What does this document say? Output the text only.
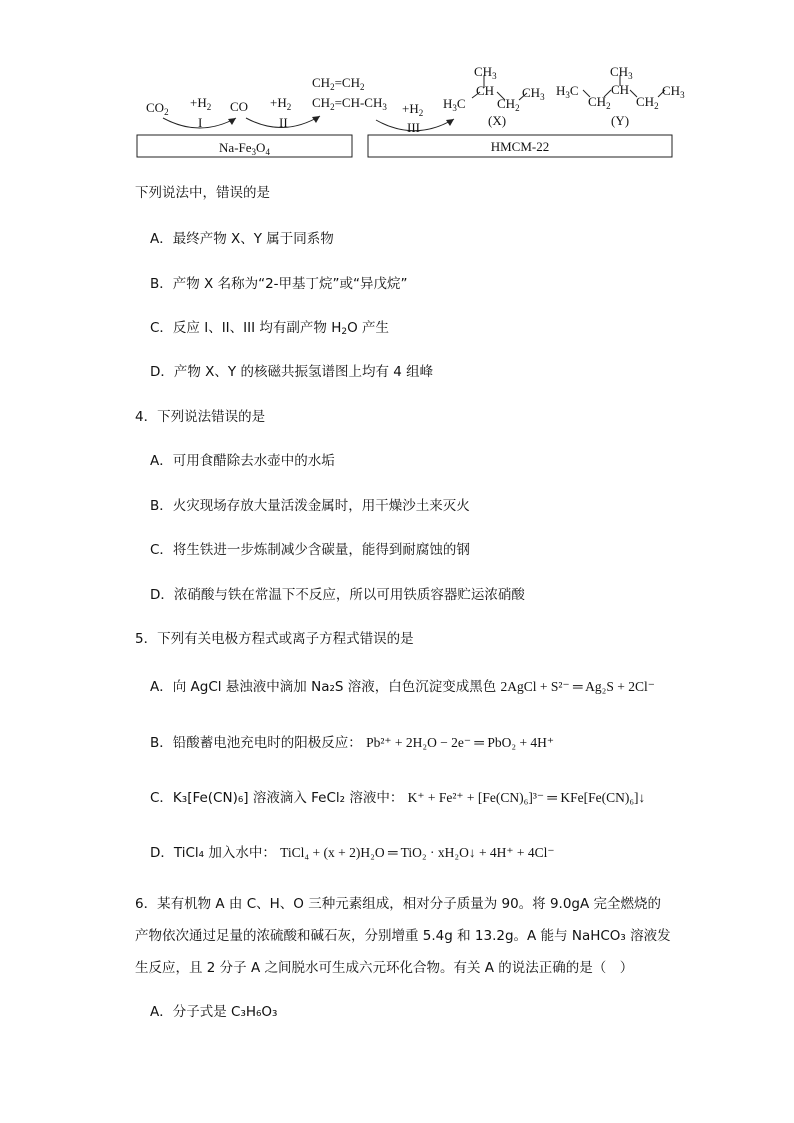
$CO_2$
$+H_2$
I
CO $+H_2$
II
$CH_2=CH_2$
$CH_2=CH-CH_3 +H_2$
III
$CH_3$
CH
$H_3C$ $CH_2$
$CH_3$
(X)
$CH_3$
$H_3C$
$CH_2$
CH
$CH_2$
$CH_3$
(Y)
$Na-Fe_3O_4$	HMCM-22
下列说法中，错误的是
A．最终产物 X、Y 属于同系物
B．产物 X 名称为“2-甲基丁烷”或“异戊烷”
C．反应 I、II、III 均有副产物 $H_2O$ 产生
D．产物 X、Y 的核磁共振氢谱图上均有 4 组峰
4．下列说法错误的是
A．可用食醋除去水壶中的水垢
B．火灾现场存放大量活泼金属时，用干燥沙土来灭火
C．将生铁进一步炼制减少含碳量，能得到耐腐蚀的钢
D．浓硝酸与铁在常温下不反应，所以可用铁质容器贮运浓硝酸
5．下列有关电极方程式或离子方程式错误的是
A．向 AgCl 悬浊液中滴加 Na₂S 溶液，白色沉淀变成黑色 2AgCl + S²⁻ ═ Ag₂S + 2Cl⁻
B．铅酸蓄电池充电时的阳极反应： Pb²⁺ + 2H₂O − 2e⁻ ═ PbO₂ + 4H⁺
C．K₃[Fe(CN)₆] 溶液滴入 FeCl₂ 溶液中： K⁺ + Fe²⁺ + [Fe(CN)₆]³⁻ ═ KFe[Fe(CN)₆]↓
D．TiCl₄ 加入水中： TiCl₄ + (x + 2)H₂O ═ TiO₂ · xH₂O↓ + 4H⁺ + 4Cl⁻
6．某有机物 A 由 C、H、O 三种元素组成，相对分子质量为 90。将 9.0gA 完全燃烧的
产物依次通过足量的浓硫酸和碱石灰，分别增重 5.4g 和 13.2g。A 能与 NaHCO₃ 溶液发
生反应，且 2 分子 A 之间脱水可生成六元环化合物。有关 A 的说法正确的是（　）
A．分子式是 C₃H₆O₃
